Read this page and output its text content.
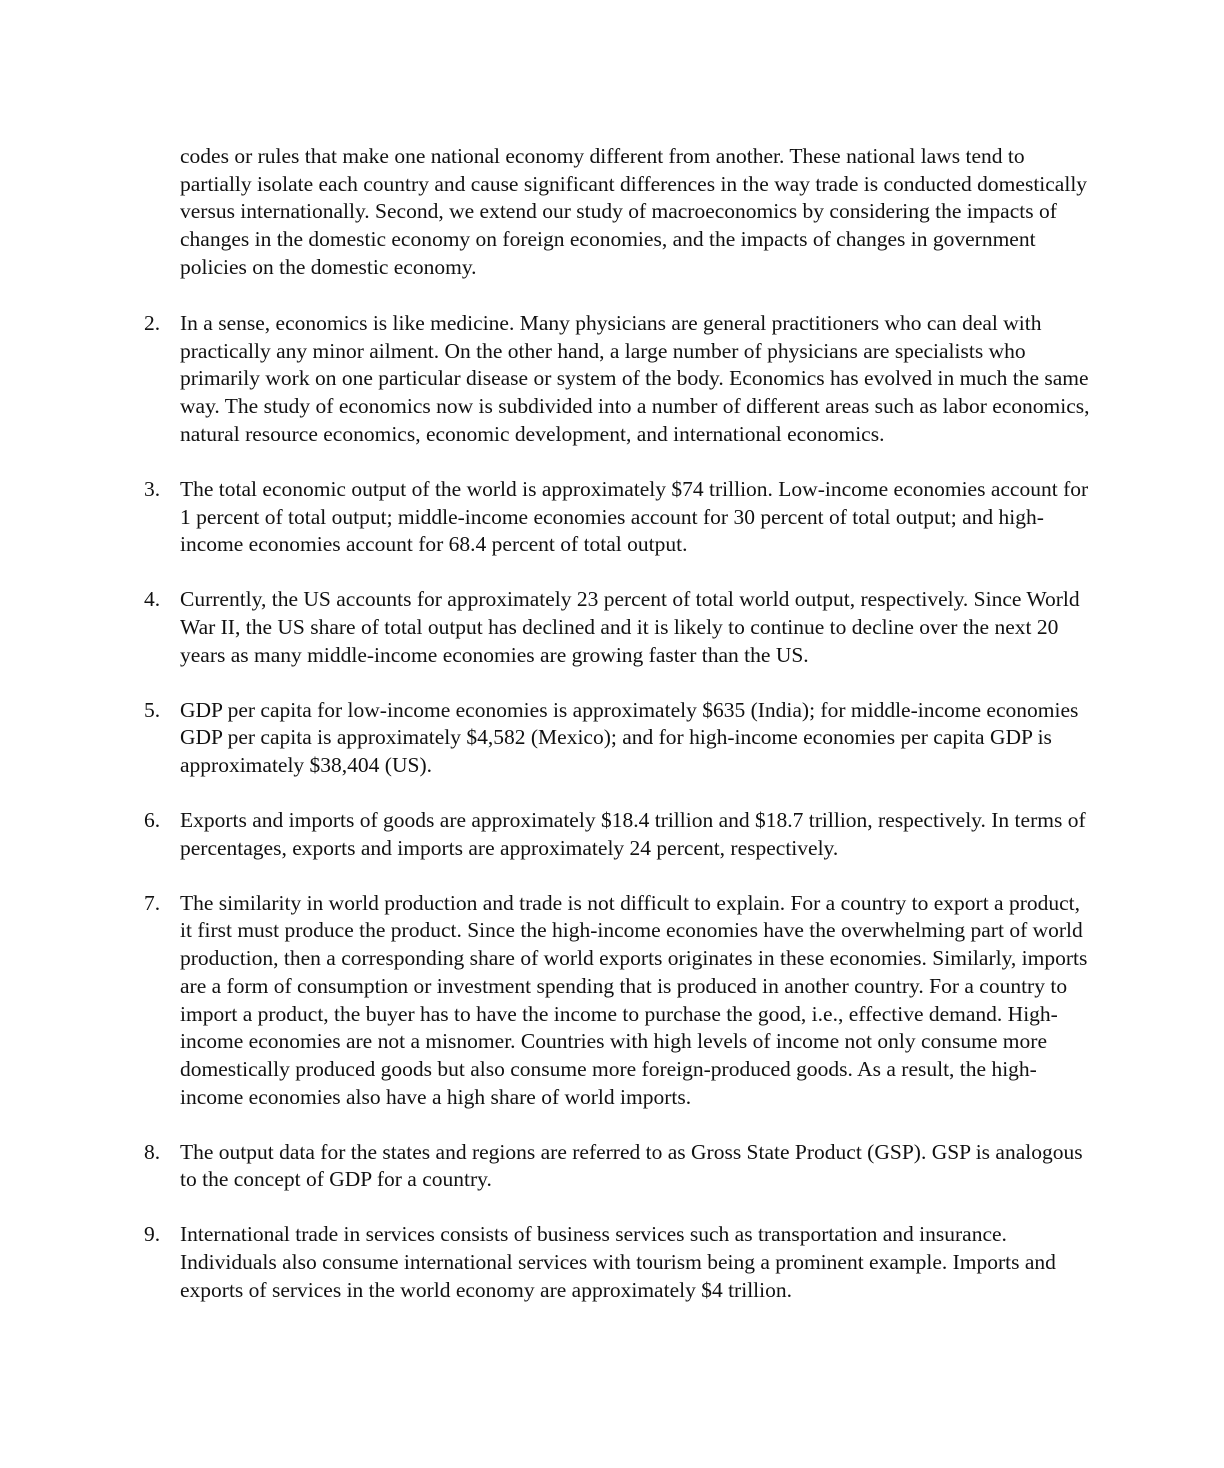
codes or rules that make one national economy different from another. These national laws tend to partially isolate each country and cause significant differences in the way trade is conducted domestically versus internationally. Second, we extend our study of macroeconomics by considering the impacts of changes in the domestic economy on foreign economies, and the impacts of changes in government policies on the domestic economy.

2. In a sense, economics is like medicine. Many physicians are general practitioners who can deal with practically any minor ailment. On the other hand, a large number of physicians are specialists who primarily work on one particular disease or system of the body. Economics has evolved in much the same way. The study of economics now is subdivided into a number of different areas such as labor economics, natural resource economics, economic development, and international economics.
3. The total economic output of the world is approximately $74 trillion. Low-income economies account for 1 percent of total output; middle-income economies account for 30 percent of total output; and high-income economies account for 68.4 percent of total output.
4. Currently, the US accounts for approximately 23 percent of total world output, respectively. Since World War II, the US share of total output has declined and it is likely to continue to decline over the next 20 years as many middle-income economies are growing faster than the US.
5. GDP per capita for low-income economies is approximately $635 (India); for middle-income economies GDP per capita is approximately $4,582 (Mexico); and for high-income economies per capita GDP is approximately $38,404 (US).
6. Exports and imports of goods are approximately $18.4 trillion and $18.7 trillion, respectively. In terms of percentages, exports and imports are approximately 24 percent, respectively.
7. The similarity in world production and trade is not difficult to explain. For a country to export a product, it first must produce the product. Since the high-income economies have the overwhelming part of world production, then a corresponding share of world exports originates in these economies. Similarly, imports are a form of consumption or investment spending that is produced in another country. For a country to import a product, the buyer has to have the income to purchase the good, i.e., effective demand. High-income economies are not a misnomer. Countries with high levels of income not only consume more domestically produced goods but also consume more foreign-produced goods. As a result, the high-income economies also have a high share of world imports.
8. The output data for the states and regions are referred to as Gross State Product (GSP). GSP is analogous to the concept of GDP for a country.
9. International trade in services consists of business services such as transportation and insurance. Individuals also consume international services with tourism being a prominent example. Imports and exports of services in the world economy are approximately $4 trillion.
